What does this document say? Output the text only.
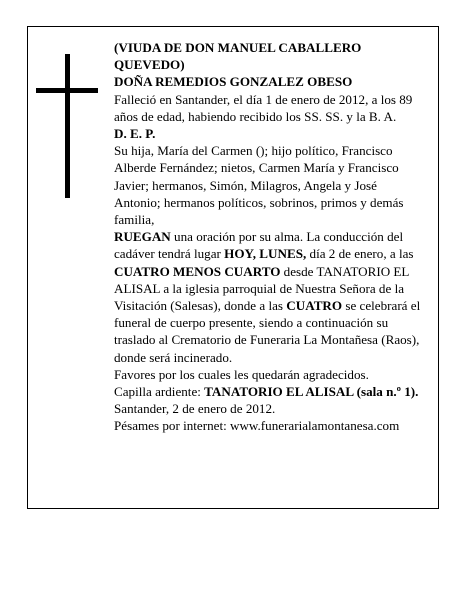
(VIUDA DE DON MANUEL CABALLERO QUEVEDO)

DOÑA REMEDIOS GONZALEZ OBESO

Falleció en Santander, el día 1 de enero de 2012, a los 89 años de edad, habiendo recibido los SS. SS. y la B. A.

D. E. P.

Su hija, María del Carmen (); hijo político, Francisco Alberde Fernández; nietos, Carmen María y Francisco Javier; hermanos, Simón, Milagros, Angela y José Antonio; hermanos políticos, sobrinos, primos y demás familia,

RUEGAN una oración por su alma. La conducción del cadáver tendrá lugar HOY, LUNES, día 2 de enero, a las CUATRO MENOS CUARTO desde TANATORIO EL ALISAL a la iglesia parroquial de Nuestra Señora de la Visitación (Salesas), donde a las CUATRO se celebrará el funeral de cuerpo presente, siendo a continuación su traslado al Crematorio de Funeraria La Montañesa (Raos), donde será incinerado.

Favores por los cuales les quedarán agradecidos.

Capilla ardiente: TANATORIO EL ALISAL (sala n.º 1).

Santander, 2 de enero de 2012.

Pésames por internet: www.funerarialamontanesa.com
